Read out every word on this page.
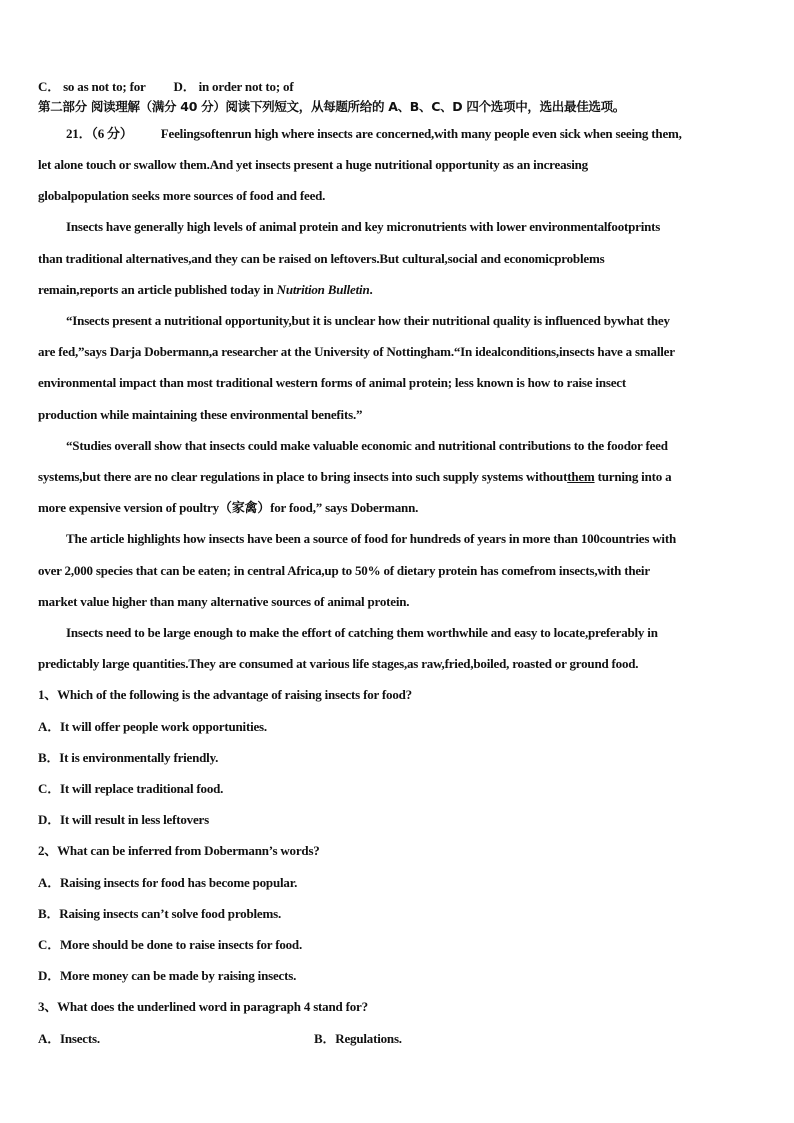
C． so as not to; for D． in order not to; of
第二部分 阅读理解（满分 40 分）阅读下列短文，从每题所给的 A、B、C、D 四个选项中，选出最佳选项。
21．（6 分） Feelingsoftenrun high where insects are concerned,with many people even sick when seeing them,
let alone touch or swallow them.And yet insects present a huge nutritional opportunity as an increasing
globalpopulation seeks more sources of food and feed.
Insects have generally high levels of animal protein and key micronutrients with lower environmentalfootprints
than traditional alternatives,and they can be raised on leftovers.But cultural,social and economicproblems
remain,reports an article published today in Nutrition Bulletin.
“Insects present a nutritional opportunity,but it is unclear how their nutritional quality is influenced bywhat they
are fed,”says Darja Dobermann,a researcher at the University of Nottingham.“In idealconditions,insects have a smaller
environmental impact than most traditional western forms of animal protein; less known is how to raise insect
production while maintaining these environmental benefits.”
“Studies overall show that insects could make valuable economic and nutritional contributions to the foodor feed
systems,but there are no clear regulations in place to bring insects into such supply systems withoutthem turning into a
more expensive version of poultry（家禽）for food,” says Dobermann.
The article highlights how insects have been a source of food for hundreds of years in more than 100countries with
over 2,000 species that can be eaten; in central Africa,up to 50% of dietary protein has comefrom insects,with their
market value higher than many alternative sources of animal protein.
Insects need to be large enough to make the effort of catching them worthwhile and easy to locate,preferably in
predictably large quantities.They are consumed at various life stages,as raw,fried,boiled, roasted or ground food.
1、Which of the following is the advantage of raising insects for food?
A．It will offer people work opportunities.
B．It is environmentally friendly.
C．It will replace traditional food.
D．It will result in less leftovers
2、What can be inferred from Dobermann’s words?
A．Raising insects for food has become popular.
B．Raising insects can’t solve food problems.
C．More should be done to raise insects for food.
D．More money can be made by raising insects.
3、What does the underlined word in paragraph 4 stand for?
A．Insects.	B．Regulations.
